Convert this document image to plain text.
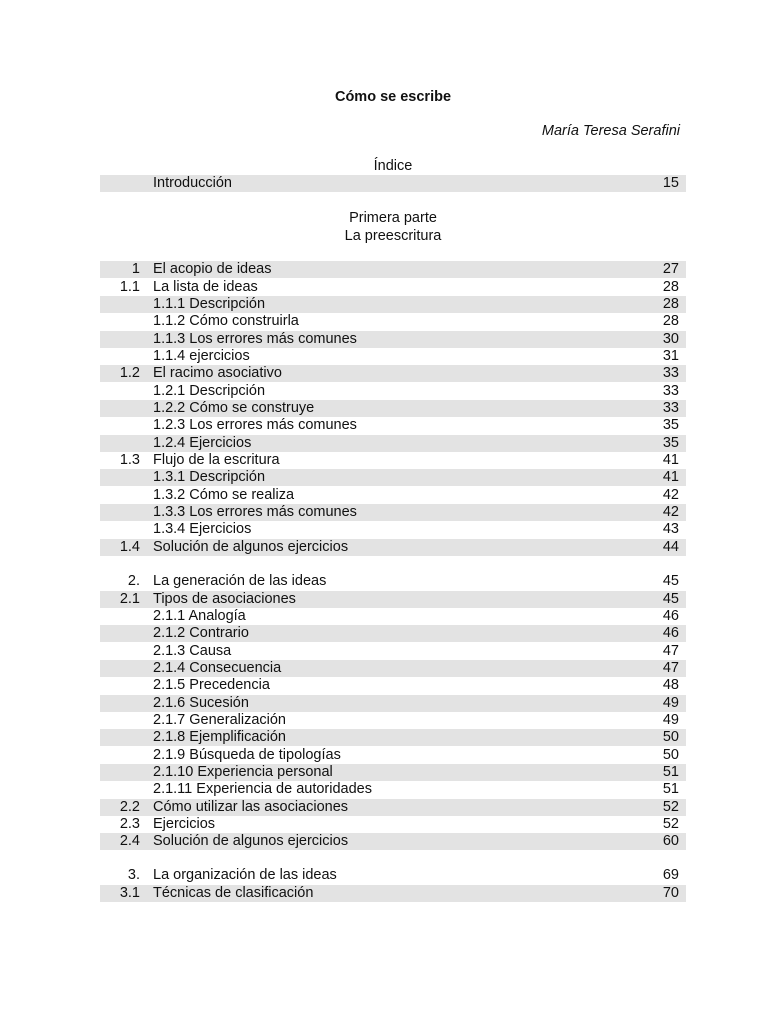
Cómo se escribe
María Teresa Serafini
Índice
Primera parte
La preescritura
Introducción	15
1 El acopio de ideas	27
1.1 La lista de ideas	28
1.1.1 Descripción	28
1.1.2 Cómo construirla	28
1.1.3 Los errores más comunes	30
1.1.4 ejercicios	31
1.2 El racimo asociativo	33
1.2.1 Descripción	33
1.2.2 Cómo se construye	33
1.2.3 Los errores más comunes	35
1.2.4 Ejercicios	35
1.3 Flujo de la escritura	41
1.3.1 Descripción	41
1.3.2 Cómo se realiza	42
1.3.3 Los errores más comunes	42
1.3.4 Ejercicios	43
1.4 Solución de algunos ejercicios	44
2. La generación de las ideas	45
2.1 Tipos de asociaciones	45
2.1.1 Analogía	46
2.1.2 Contrario	46
2.1.3 Causa	47
2.1.4 Consecuencia	47
2.1.5 Precedencia	48
2.1.6 Sucesión	49
2.1.7 Generalización	49
2.1.8 Ejemplificación	50
2.1.9 Búsqueda de tipologías	50
2.1.10 Experiencia personal	51
2.1.11 Experiencia de autoridades	51
2.2 Cómo utilizar las asociaciones	52
2.3 Ejercicios	52
2.4 Solución de algunos ejercicios	60
3. La organización de las ideas	69
3.1 Técnicas de clasificación	70
